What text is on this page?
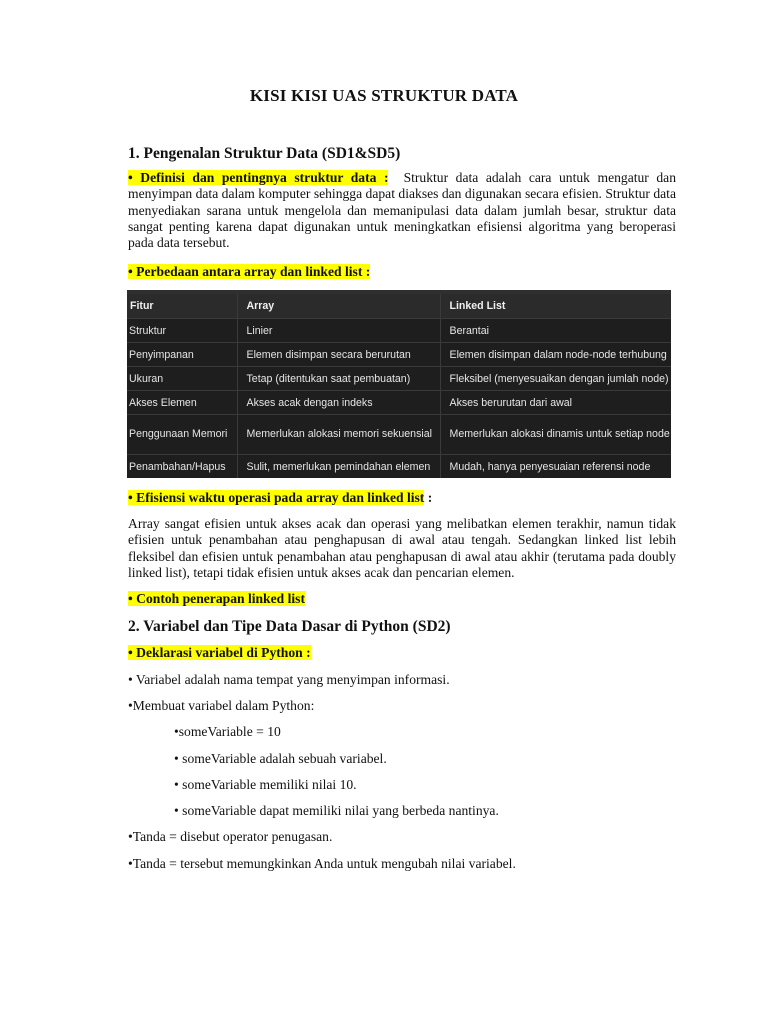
KISI KISI UAS STRUKTUR DATA
1. Pengenalan Struktur Data (SD1&SD5)
• Definisi dan pentingnya struktur data : Struktur data adalah cara untuk mengatur dan menyimpan data dalam komputer sehingga dapat diakses dan digunakan secara efisien. Struktur data menyediakan sarana untuk mengelola dan memanipulasi data dalam jumlah besar, struktur data sangat penting karena dapat digunakan untuk meningkatkan efisiensi algoritma yang beroperasi pada data tersebut.
• Perbedaan antara array dan linked list :
Fitur	Array	Linked List
Struktur	Linier	Berantai
Penyimpanan	Elemen disimpan secara berurutan	Elemen disimpan dalam node-node terhubung
Ukuran	Tetap (ditentukan saat pembuatan)	Fleksibel (menyesuaikan dengan jumlah node)
Akses Elemen	Akses acak dengan indeks	Akses berurutan dari awal
Penggunaan Memori	Memerlukan alokasi memori sekuensial	Memerlukan alokasi dinamis untuk setiap node
Penambahan/Hapus	Sulit, memerlukan pemindahan elemen	Mudah, hanya penyesuaian referensi node
• Efisiensi waktu operasi pada array dan linked list :
Array sangat efisien untuk akses acak dan operasi yang melibatkan elemen terakhir, namun tidak efisien untuk penambahan atau penghapusan di awal atau tengah. Sedangkan linked list lebih fleksibel dan efisien untuk penambahan atau penghapusan di awal atau akhir (terutama pada doubly linked list), tetapi tidak efisien untuk akses acak dan pencarian elemen.
• Contoh penerapan linked list
2. Variabel dan Tipe Data Dasar di Python (SD2)
• Deklarasi variabel di Python :
• Variabel adalah nama tempat yang menyimpan informasi.
•Membuat variabel dalam Python:
•someVariable = 10
• someVariable adalah sebuah variabel.
• someVariable memiliki nilai 10.
• someVariable dapat memiliki nilai yang berbeda nantinya.
•Tanda = disebut operator penugasan.
•Tanda = tersebut memungkinkan Anda untuk mengubah nilai variabel.
